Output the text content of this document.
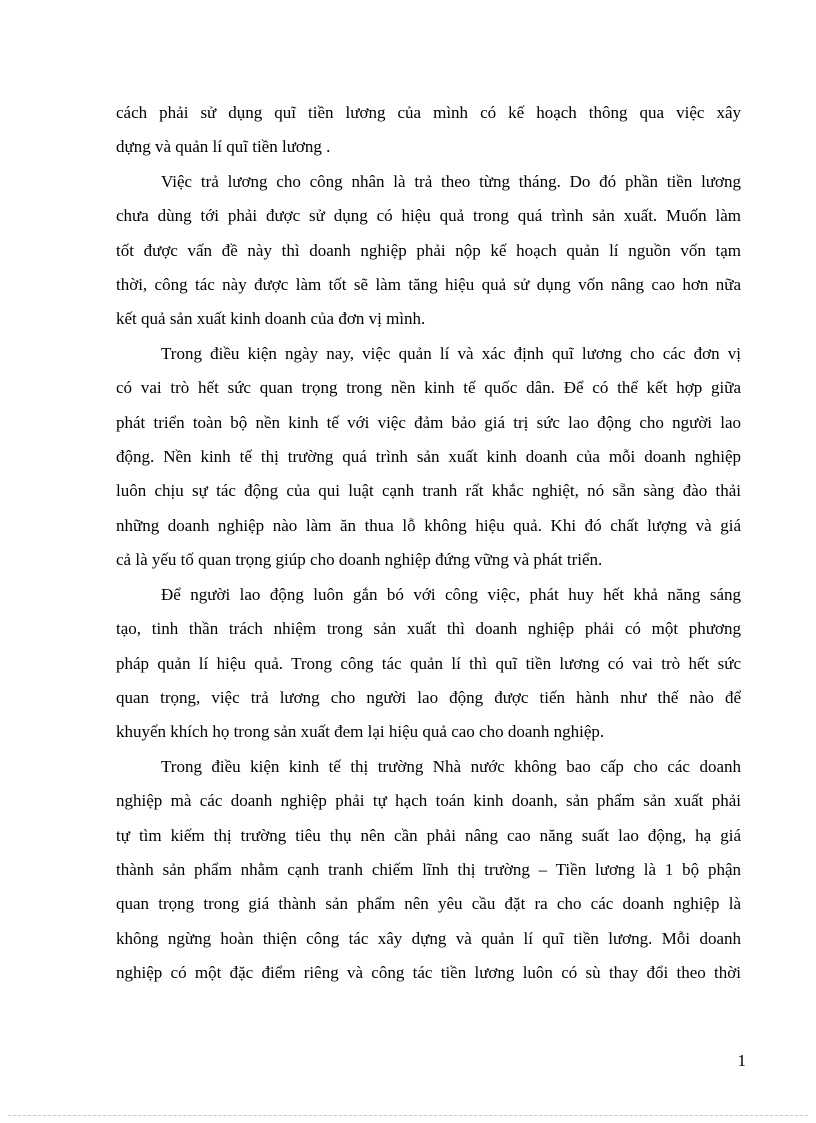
cách phải sử dụng quĩ tiền lương của mình có kế hoạch thông qua việc xây
dựng và quản lí quĩ tiền lương .
Việc trả lương cho công nhân là trả theo từng tháng. Do đó phần tiền lương
chưa dùng tới phải được sử dụng có hiệu quả trong quá trình sản xuất. Muốn làm
tốt được vấn đề này thì doanh nghiệp phải nộp kế hoạch quản lí nguồn vốn tạm
thời, công tác này được làm tốt sẽ làm tăng hiệu quả sử dụng vốn nâng cao hơn nữa
kết quả sản xuất kinh doanh của đơn vị mình.
Trong điều kiện ngày nay, việc quản lí và xác định quĩ lương cho các đơn vị
có vai trò hết sức quan trọng trong nền kinh tế quốc dân. Để có thể kết hợp giữa
phát triển toàn bộ nền kinh tế với việc đảm bảo giá trị sức lao động cho người lao
động. Nền kinh tế thị trường quá trình sản xuất kinh doanh của mỗi doanh nghiệp
luôn chịu sự tác động của qui luật cạnh tranh rất khắc nghiệt, nó sẵn sàng đào thải
những doanh nghiệp nào làm ăn thua lỗ không hiệu quả. Khi đó chất lượng và giá
cả là yếu tố quan trọng giúp cho doanh nghiệp đứng vững và phát triển.
Để người lao động luôn gắn bó với công việc, phát huy hết khả năng sáng
tạo, tinh thần trách nhiệm trong sản xuất thì doanh nghiệp phải có một phương
pháp quản lí hiệu quả. Trong công tác quản lí thì quĩ tiền lương có vai trò hết sức
quan trọng, việc trả lương cho người lao động được tiến hành như thế nào để
khuyến khích họ trong sản xuất đem lại hiệu quả cao cho doanh nghiệp.
Trong điều kiện kinh tế thị trường Nhà nước không bao cấp cho các doanh
nghiệp mà các doanh nghiệp phải tự hạch toán kinh doanh, sản phẩm sản xuất phải
tự tìm kiếm thị trường tiêu thụ nên cần phải nâng cao năng suất lao động, hạ giá
thành sản phẩm nhằm cạnh tranh chiếm lĩnh thị trường – Tiền lương là 1 bộ phận
quan trọng trong giá thành sản phẩm nên yêu cầu đặt ra cho các doanh nghiệp là
không ngừng hoàn thiện công tác xây dựng và quản lí quĩ tiền lương. Mỗi doanh
nghiệp có một đặc điểm riêng và công tác tiền lương luôn có sù thay đổi theo thời
1
